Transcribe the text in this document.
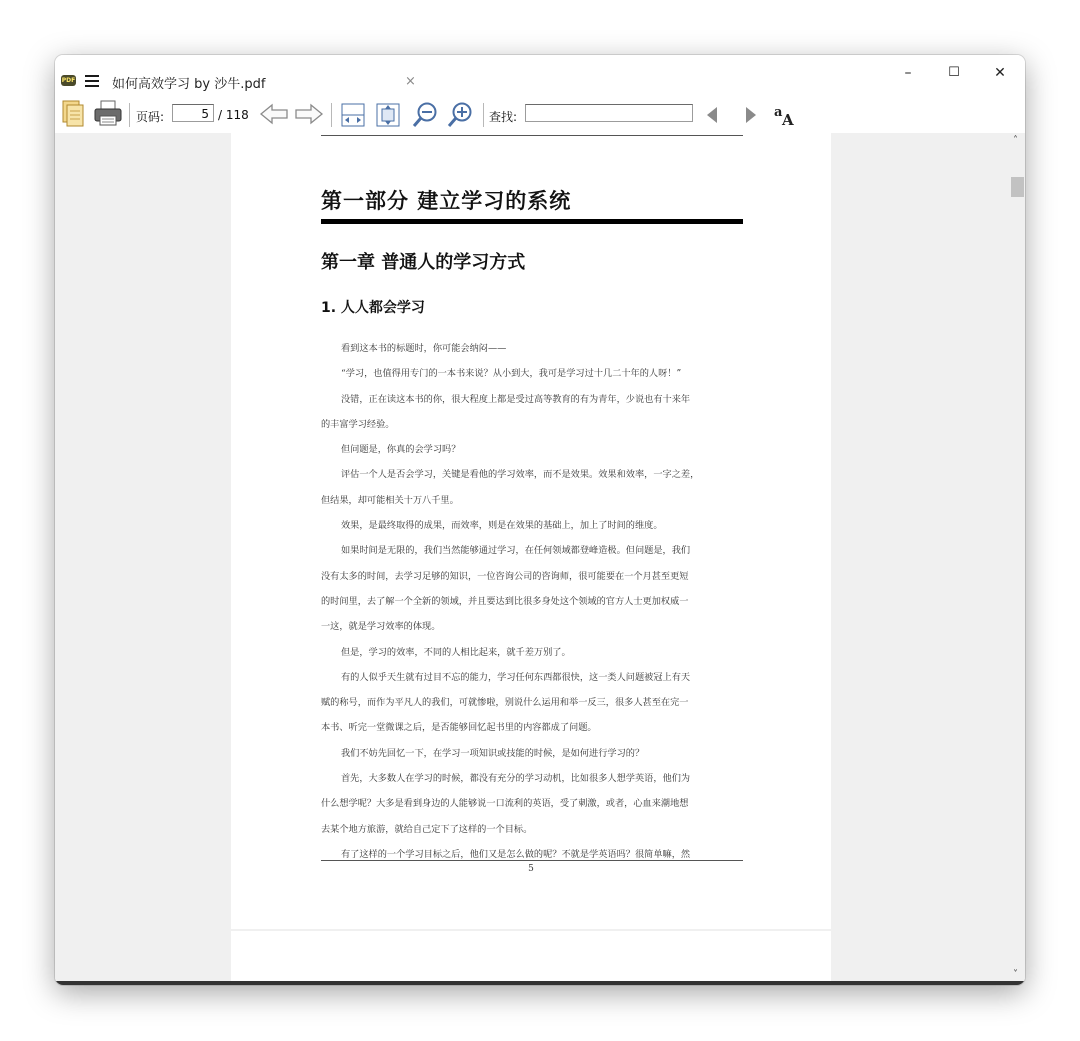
PDF	如何高效学习 by 沙牛.pdf	×
–	☐	✕
页码:	5 / 118	查找:	a A
第一部分 建立学习的系统
第一章 普通人的学习方式
1. 人人都会学习
看到这本书的标题时，你可能会纳闷——
“学习，也值得用专门的一本书来说？从小到大，我可是学习过十几二十年的人呀！”
没错，正在读这本书的你，很大程度上都是受过高等教育的有为青年，少说也有十来年
的丰富学习经验。
但问题是，你真的会学习吗？
评估一个人是否会学习，关键是看他的学习效率，而不是效果。效果和效率，一字之差，
但结果，却可能相关十万八千里。
效果，是最终取得的成果，而效率，则是在效果的基础上，加上了时间的维度。
如果时间是无限的，我们当然能够通过学习，在任何领域都登峰造极。但问题是，我们
没有太多的时间，去学习足够的知识，一位咨询公司的咨询师，很可能要在一个月甚至更短
的时间里，去了解一个全新的领域，并且要达到比很多身处这个领域的官方人士更加权威一
一这，就是学习效率的体现。
但是，学习的效率，不同的人相比起来，就千差万别了。
有的人似乎天生就有过目不忘的能力，学习任何东西都很快，这一类人问题被冠上有天
赋的称号，而作为平凡人的我们，可就惨啦，别说什么运用和举一反三，很多人甚至在完一
本书、听完一堂微课之后，是否能够回忆起书里的内容都成了问题。
我们不妨先回忆一下，在学习一项知识或技能的时候，是如何进行学习的？
首先，大多数人在学习的时候，都没有充分的学习动机，比如很多人想学英语，他们为
什么想学呢？大多是看到身边的人能够说一口流利的英语，受了刺激，或者，心血来潮地想
去某个地方旅游，就给自己定下了这样的一个目标。
有了这样的一个学习目标之后，他们又是怎么做的呢？不就是学英语吗？很简单嘛，然
5
˄
˅
